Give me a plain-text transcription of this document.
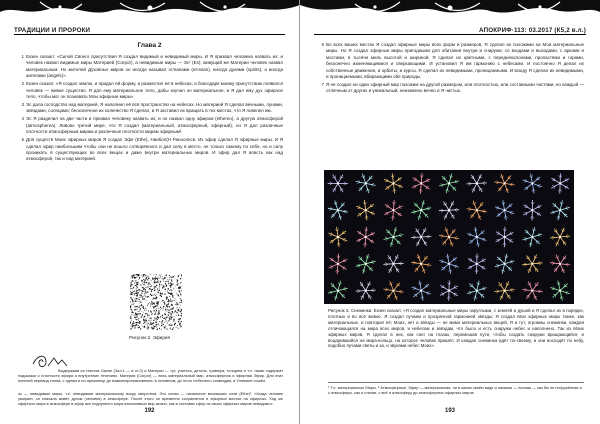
ТРАДИЦИИ И ПРОРОКИ
Глава 2
1 Екзен сказал: «Силой Своего присутствия Я создал видимый и невидимый миры. И Я призвал человека назвать их; и человек назвал видимые миры Материей (Corpor), а невидимые миры — Эс¹ (Es); живущий же Материи человек назвал материальным. Но жителей Духовных миров он иногда называл эс'еанами (es'eans), иногда духами (spirits), а иногда ангелами (angels)».
2 Екзен сказал: «Я создал землю, и придал ей форму, и разместил её в небесах; и благодаря моему присутствию появился человек — живое существо. Я дал ему материальное тело, дабы изучал он материальное, и Я дал ему дух эфирное тело, чтобы мог он познавать Мои эфирные миры».
3 Эс дала господство над материей, Я наполнил её всё пространство на небесах. Но материей Я сделал вечными, лунами, звёздами, солнцами; бесконечное их количество Я сделал, и Я заставил их вращать в тех местах, что Я повелел им.
4 Эс Я разделил на две части и призвал человеку назвать их; и он назвал одну эфиром (ethereo), а другую атмосферой (atmospherea). Ливово третий мире, что Я создал (материальный, атмосферный, эфирный), но Я дал различные плотности атмосферным мирам и различные плотности мирам эфирным².
5 Для существ Моих эфирных миров Я создал Эфе (Ethe), Ниибол(Н Ранэолнсв. Их эфир сделал Я эфирные миры. И Я сделал эфир наибольшим чтобы они не вошло сотворённого и дал силу в место, не только самому по себе, но и силу проникать в существующих во всех вещах и даже внутри материальных миров. И эфир дал Я власть как над атмосферой, так и над материей.
Рисунок 2. Эфирия
Выдержкам из текстов Оаспе (Зал.1 — в гл.2) и Материи — тут, учитесь, деталь, гравюра, толщина и т.п. также содержат подсказки о плотности эфира и внутренних течениях. Материя (Corpor) — весь материальный мир, атмосферная и эфирная Эфир. Для этих понятий перевод слова, с одним и по-прежнему, до взаимопроникновения, в основном, до этого небесного созвездия, в Уннюиле сошёл.
эс — невидимые миры, т.е. невидимые материальному взору сверхтела. Это слово — начальное возникших слов (Ethe)¹. «Когда человек умирает, он сначала живёт духом (человек) в атмосфере. После этого он временно сохраняется в эфирных местах на эфирных. Ход же эфирного мира в атмосфере в эфир все подлунного мира наполнивши мир жизни, как в составах сфер из своих эфирных миров невидимо».
192
АПОКРИФ·113: 03.2017 (К5,2 в.л.)
6 Во всех ваших местах Я создал эфирные миры всех форм и размеров, Я сделал их похожими на Мои материальные миры. Но Я создал эфирные миры пригодными для обитания внутри и снаружи; со входами и выходами, с арками и мостами, в тысячи миль высотой и шириной, Я сделал их цветными, с переднеколонами, пропастями и горами, бесконечно изменяющимися и сверкающими. И установил Я им гармонию с небесами. И постоянно Я делал их собственные движения, и орбиты, и курсы. Я сделал их невидимыми, проницаемыми. И всюду Я сделал их невидимыми, и проницаемыми, вбирающими обе природы.
7 Я не создал ни один эфирный мир похожим на другой размером, или плотностью, или составными частями, но каждый — отличным от других и уникальный, неизменно вечно и Я чистых.
Рисунок 3. Снежинки. Екзен сказал: «Я создал материальные миры округлыми, с землёй и душой и Я сделал их в порядке, плотных и во всё живое. Я создал лучами и прозрачной гармонией звёзды; Я создал Мои эфирные миры также, как материальные, и повторил её; Моих, нет и звёзды — не мимо материальных вещей, Я и тут, огромны снежинки, каждая отличающаяся на мира всех миров, и небесам и звёздам, что было и есть снаружи небес и наполнено. Так из Моих эфирных миров, Я сделал в них, как снег на глазах, перемешав пути, чтобы создать снаружи вращающийся, и воцарившийся на мира-кольцо, на которое человек пришёл. И каждая снежинка идёт по-своему, и они восходят по небу, подобно лучами светы и за, и звуками небес Моих».
¹ Т.е. материальные Миры. ² Атмосферные, Эфир — материальная, ни в каком своём виде и никакая — полная — как бы не погружённая и с атмосферы, как и стихии, с всё и атмосферу до атмосферных эфирных миров.
193
